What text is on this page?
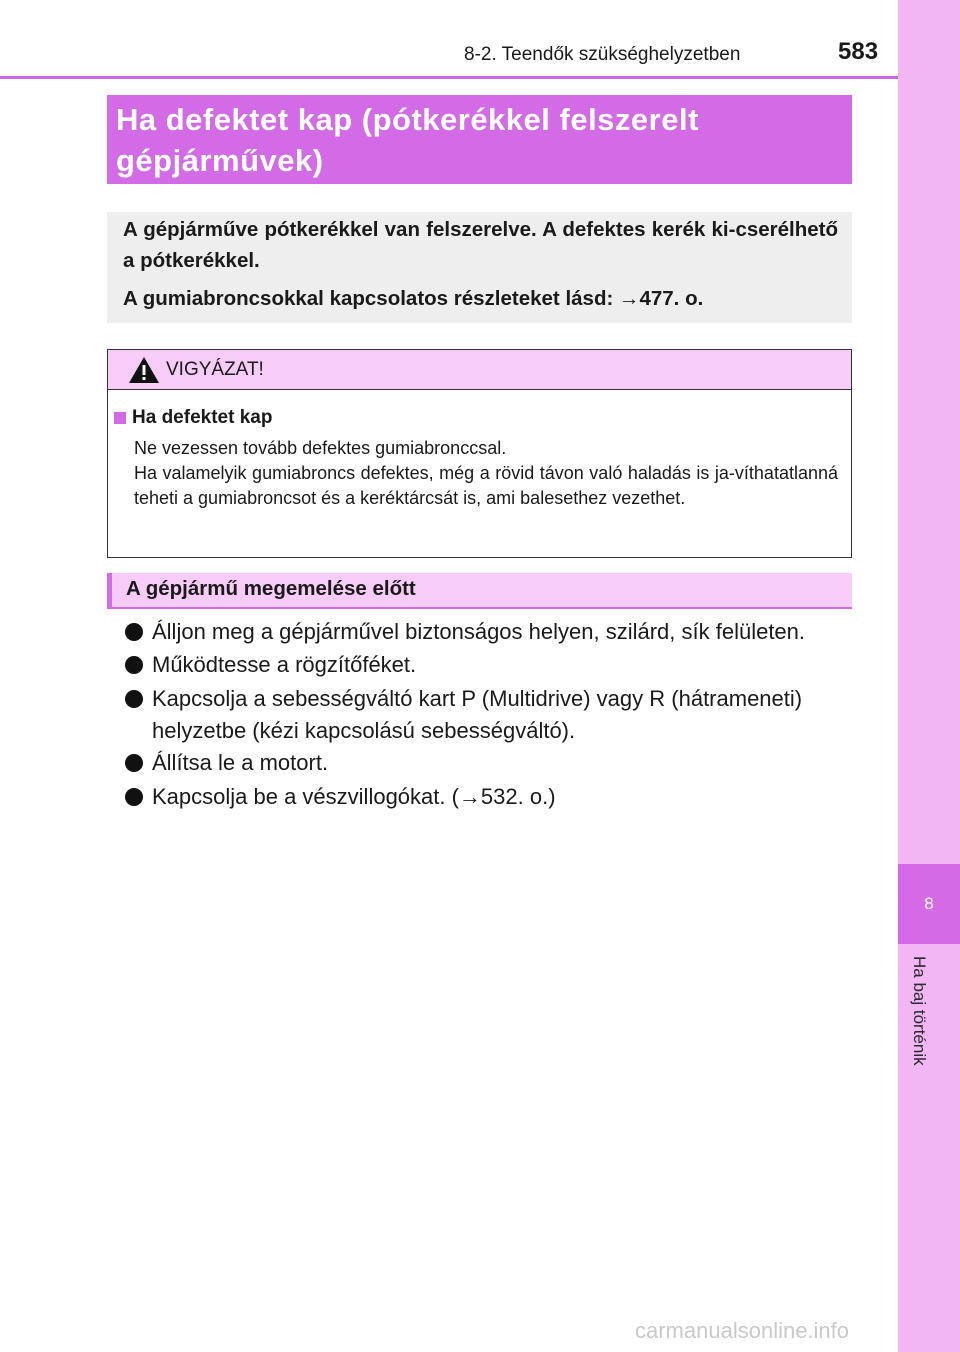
8
Ha baj történik
8-2. Teendők szükséghelyzetben	583
Ha defektet kap (pótkerékkel felszerelt gépjárművek)
A gépjárműve pótkerékkel van felszerelve. A defektes kerék ki-cserélhető a pótkerékkel.
A gumiabroncsokkal kapcsolatos részleteket lásd: →477. o.
VIGYÁZAT!
Ha defektet kap
Ne vezessen tovább defektes gumiabronccsal.
Ha valamelyik gumiabroncs defektes, még a rövid távon való haladás is ja-víthatatlanná teheti a gumiabroncsot és a keréktárcsát is, ami balesethez vezethet.
A gépjármű megemelése előtt
Álljon meg a gépjárművel biztonságos helyen, szilárd, sík felületen.
Működtesse a rögzítőféket.
Kapcsolja a sebességváltó kart P (Multidrive) vagy R (hátrameneti) helyzetbe (kézi kapcsolású sebességváltó).
Állítsa le a motort.
Kapcsolja be a vészvillogókat. (→532. o.)
carmanualsonline.info
